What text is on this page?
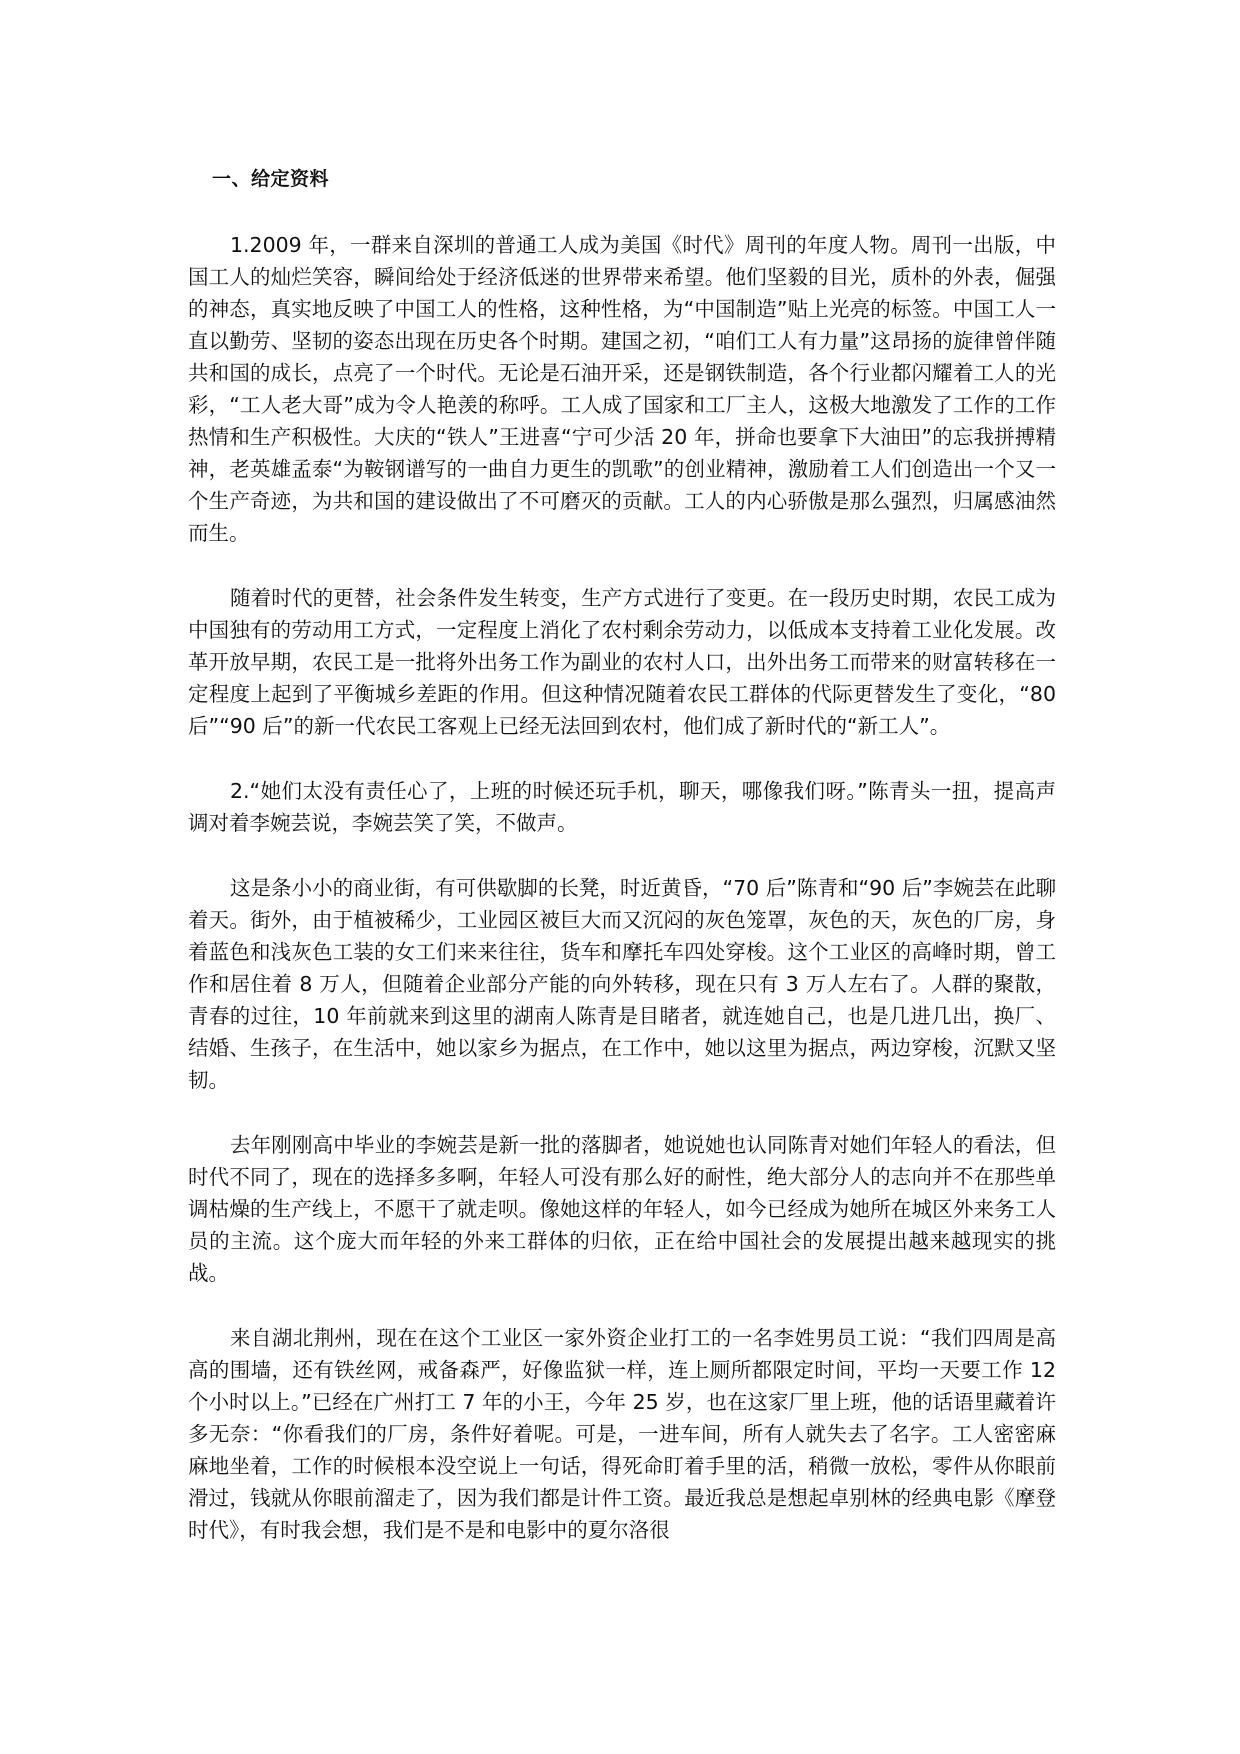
一、给定资料

1.2009 年，一群来自深圳的普通工人成为美国《时代》周刊的年度人物。周刊一出版，中国工人的灿烂笑容，瞬间给处于经济低迷的世界带来希望。他们坚毅的目光，质朴的外表，倔强的神态，真实地反映了中国工人的性格，这种性格，为“中国制造”贴上光亮的标签。中国工人一直以勤劳、坚韧的姿态出现在历史各个时期。建国之初，“咱们工人有力量”这昂扬的旋律曾伴随共和国的成长，点亮了一个时代。无论是石油开采，还是钢铁制造，各个行业都闪耀着工人的光彩，“工人老大哥”成为令人艳羡的称呼。工人成了国家和工厂主人，这极大地激发了工作的工作热情和生产积极性。大庆的“铁人”王进喜“宁可少活 20 年，拼命也要拿下大油田”的忘我拼搏精神，老英雄孟泰“为鞍钢谱写的一曲自力更生的凯歌”的创业精神，激励着工人们创造出一个又一个生产奇迹，为共和国的建设做出了不可磨灭的贡献。工人的内心骄傲是那么强烈，归属感油然而生。

随着时代的更替，社会条件发生转变，生产方式进行了变更。在一段历史时期，农民工成为中国独有的劳动用工方式，一定程度上消化了农村剩余劳动力，以低成本支持着工业化发展。改革开放早期，农民工是一批将外出务工作为副业的农村人口，出外出务工而带来的财富转移在一定程度上起到了平衡城乡差距的作用。但这种情况随着农民工群体的代际更替发生了变化，“80 后”“90 后”的新一代农民工客观上已经无法回到农村，他们成了新时代的“新工人”。

2.“她们太没有责任心了，上班的时候还玩手机，聊天，哪像我们呀。”陈青头一扭，提高声调对着李婉芸说，李婉芸笑了笑，不做声。

这是条小小的商业街，有可供歇脚的长凳，时近黄昏，“70 后”陈青和“90 后”李婉芸在此聊着天。街外，由于植被稀少，工业园区被巨大而又沉闷的灰色笼罩，灰色的天，灰色的厂房，身着蓝色和浅灰色工装的女工们来来往往，货车和摩托车四处穿梭。这个工业区的高峰时期，曾工作和居住着 8 万人，但随着企业部分产能的向外转移，现在只有 3 万人左右了。人群的聚散，青春的过往，10 年前就来到这里的湖南人陈青是目睹者，就连她自己，也是几进几出，换厂、结婚、生孩子，在生活中，她以家乡为据点，在工作中，她以这里为据点，两边穿梭，沉默又坚韧。

去年刚刚高中毕业的李婉芸是新一批的落脚者，她说她也认同陈青对她们年轻人的看法，但时代不同了，现在的选择多多啊，年轻人可没有那么好的耐性，绝大部分人的志向并不在那些单调枯燥的生产线上，不愿干了就走呗。像她这样的年轻人，如今已经成为她所在城区外来务工人员的主流。这个庞大而年轻的外来工群体的归依，正在给中国社会的发展提出越来越现实的挑战。

来自湖北荆州，现在在这个工业区一家外资企业打工的一名李姓男员工说：“我们四周是高高的围墙，还有铁丝网，戒备森严，好像监狱一样，连上厕所都限定时间，平均一天要工作 12 个小时以上。”已经在广州打工 7 年的小王，今年 25 岁，也在这家厂里上班，他的话语里藏着许多无奈：“你看我们的厂房，条件好着呢。可是，一进车间，所有人就失去了名字。工人密密麻麻地坐着，工作的时候根本没空说上一句话，得死命盯着手里的活，稍微一放松，零件从你眼前滑过，钱就从你眼前溜走了，因为我们都是计件工资。最近我总是想起卓别林的经典电影《摩登时代》，有时我会想，我们是不是和电影中的夏尔洛很
